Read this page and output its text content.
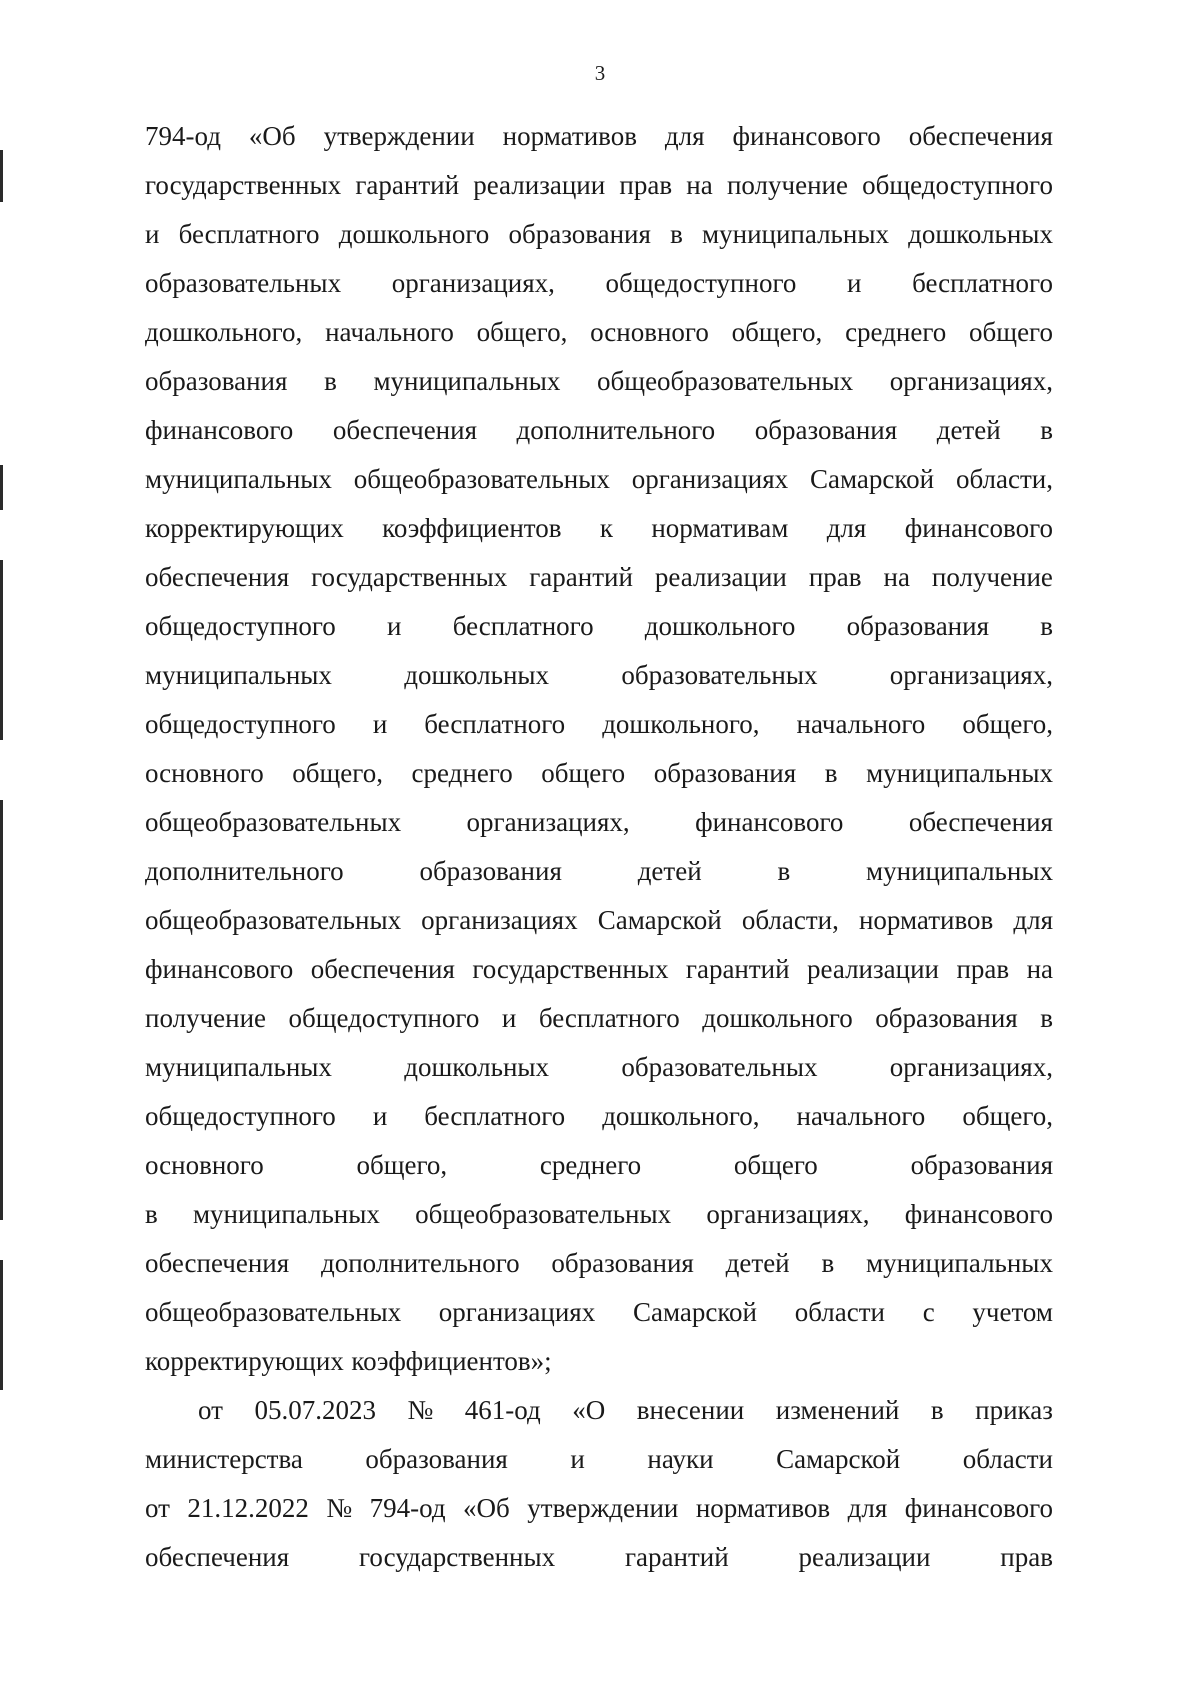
3
794-од «Об утверждении нормативов для финансового обеспечения
государственных гарантий реализации прав на получение общедоступного
и бесплатного дошкольного образования в муниципальных дошкольных
образовательных организациях, общедоступного и бесплатного
дошкольного, начального общего, основного общего, среднего общего
образования в муниципальных общеобразовательных организациях,
финансового обеспечения дополнительного образования детей в
муниципальных общеобразовательных организациях Самарской области,
корректирующих коэффициентов к нормативам для финансового
обеспечения государственных гарантий реализации прав на получение
общедоступного и бесплатного дошкольного образования в
муниципальных	дошкольных	образовательных	организациях,
общедоступного и бесплатного дошкольного, начального общего,
основного общего, среднего общего образования в муниципальных
общеобразовательных организациях, финансового обеспечения
дополнительного	образования	детей	в	муниципальных
общеобразовательных организациях Самарской области, нормативов для
финансового обеспечения государственных гарантий реализации прав на
получение общедоступного и бесплатного дошкольного образования в
муниципальных	дошкольных	образовательных	организациях,
общедоступного и бесплатного дошкольного, начального общего,
основного	общего,	среднего	общего	образования
в муниципальных общеобразовательных организациях, финансового
обеспечения дополнительного образования детей в муниципальных
общеобразовательных организациях Самарской области с учетом
корректирующих коэффициентов»;
от 05.07.2023 № 461-од «О внесении изменений в приказ
министерства образования и науки Самарской области
от 21.12.2022 № 794-од «Об утверждении нормативов для финансового
обеспечения	государственных	гарантий	реализации	прав
